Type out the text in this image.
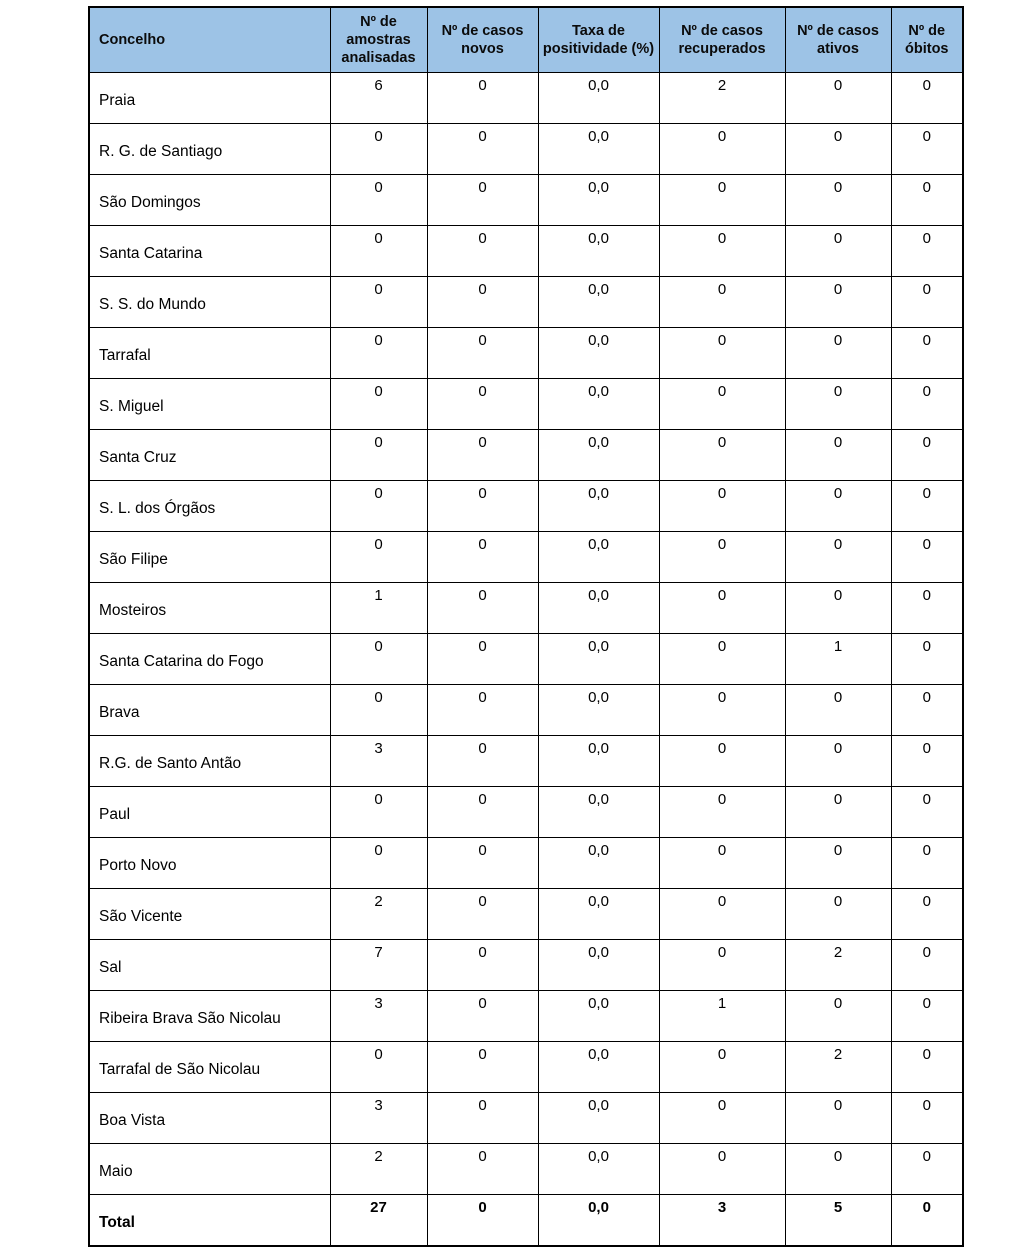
Concelho	Nº de amostras analisadas	Nº de casos novos	Taxa de positividade (%)	Nº de casos recuperados	Nº de casos ativos	Nº de óbitos
Praia	6	0	0,0	2	0	0
R. G. de Santiago	0	0	0,0	0	0	0
São Domingos	0	0	0,0	0	0	0
Santa Catarina	0	0	0,0	0	0	0
S. S. do Mundo	0	0	0,0	0	0	0
Tarrafal	0	0	0,0	0	0	0
S. Miguel	0	0	0,0	0	0	0
Santa Cruz	0	0	0,0	0	0	0
S. L. dos Órgãos	0	0	0,0	0	0	0
São Filipe	0	0	0,0	0	0	0
Mosteiros	1	0	0,0	0	0	0
Santa Catarina do Fogo	0	0	0,0	0	1	0
Brava	0	0	0,0	0	0	0
R.G. de Santo Antão	3	0	0,0	0	0	0
Paul	0	0	0,0	0	0	0
Porto Novo	0	0	0,0	0	0	0
São Vicente	2	0	0,0	0	0	0
Sal	7	0	0,0	0	2	0
Ribeira Brava São Nicolau	3	0	0,0	1	0	0
Tarrafal de São Nicolau	0	0	0,0	0	2	0
Boa Vista	3	0	0,0	0	0	0
Maio	2	0	0,0	0	0	0
Total	27	0	0,0	3	5	0
